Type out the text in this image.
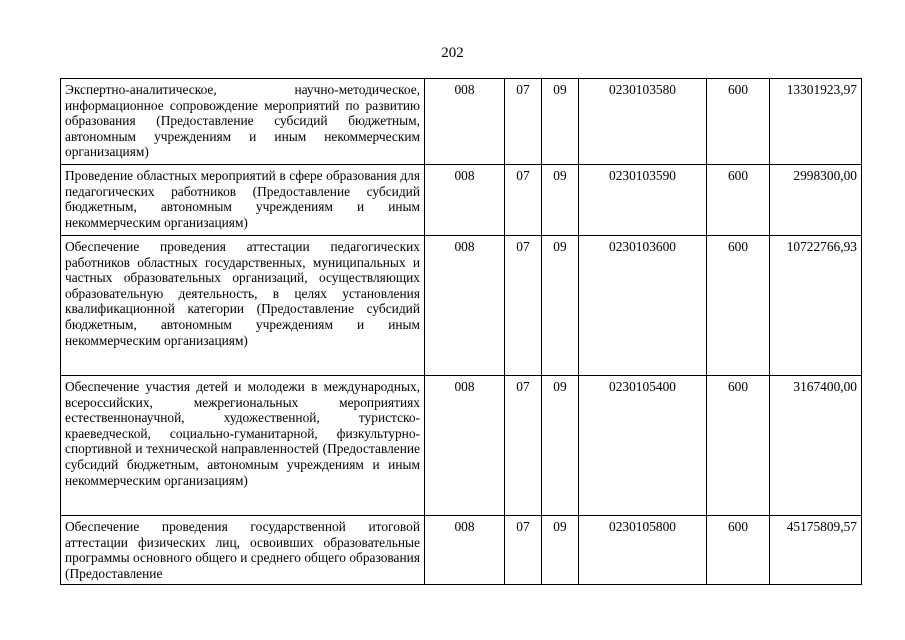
202
Экспертно-аналитическое, научно-методическое, информационное сопровождение мероприятий по развитию образования (Предоставление субсидий бюджетным, автономным учреждениям и иным некоммерческим организациям)	008	07	09	0230103580	600	13301923,97
Проведение областных мероприятий в сфере образования для педагогических работников (Предоставление субсидий бюджетным, автономным учреждениям и иным некоммерческим организациям)	008	07	09	0230103590	600	2998300,00
Обеспечение проведения аттестации педагогических работников областных государственных, муниципальных и частных образовательных организаций, осуществляющих образовательную деятельность, в целях установления квалификационной категории (Предоставление субсидий бюджетным, автономным учреждениям и иным некоммерческим организациям)	008	07	09	0230103600	600	10722766,93
Обеспечение участия детей и молодежи в международных, всероссийских, межрегиональных мероприятиях естественнонаучной, художественной, туристско-краеведческой, социально-гуманитарной, физкультурно-спортивной и технической направленностей (Предоставление субсидий бюджетным, автономным учреждениям и иным некоммерческим организациям)	008	07	09	0230105400	600	3167400,00
Обеспечение проведения государственной итоговой аттестации физических лиц, освоивших образовательные программы основного общего и среднего общего образования (Предоставление	008	07	09	0230105800	600	45175809,57
